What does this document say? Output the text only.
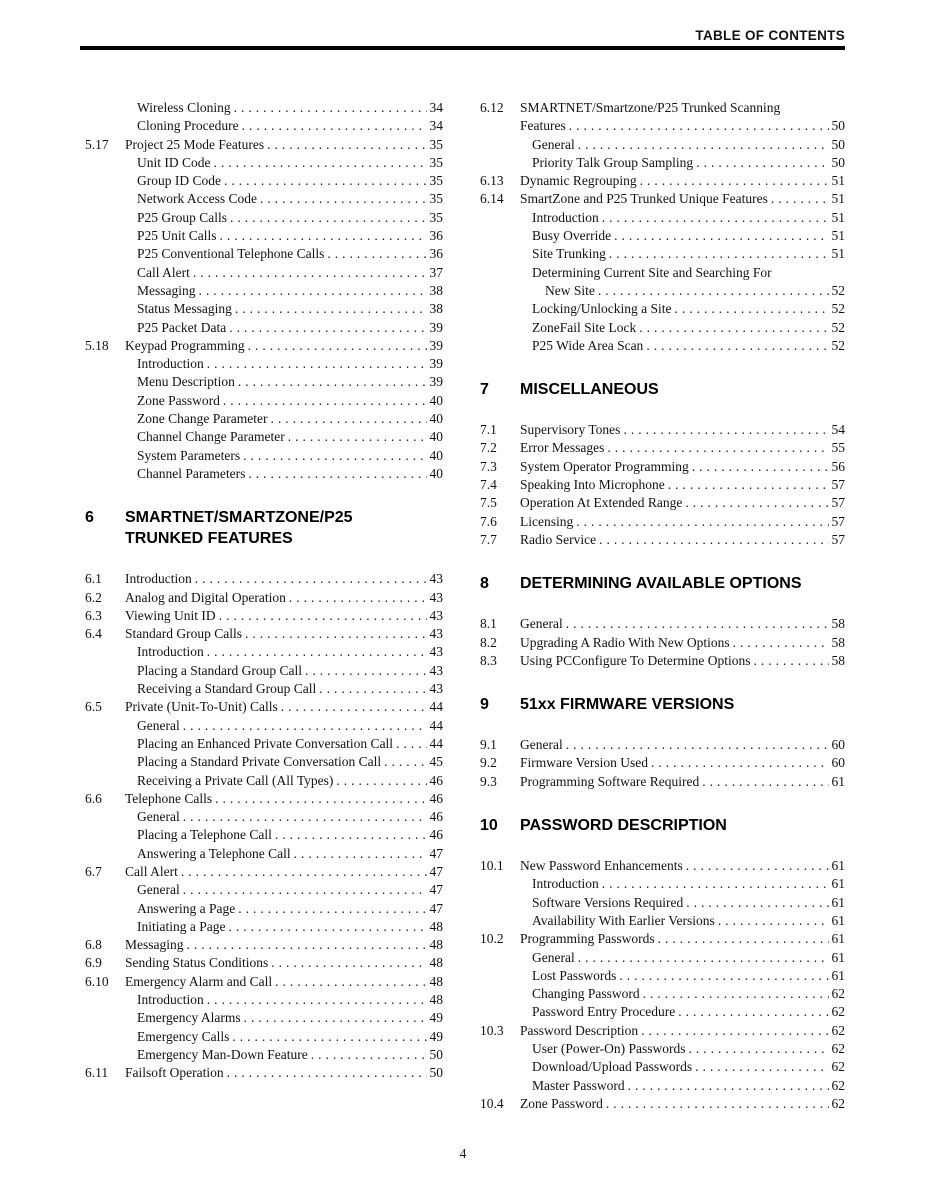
TABLE OF CONTENTS
Wireless Cloning .....	34
Cloning Procedure .....	34
5.17	Project 25 Mode Features .....	35
Unit ID Code .....	35
Group ID Code .....	35
Network Access Code .....	35
P25 Group Calls .....	35
P25 Unit Calls .....	36
P25 Conventional Telephone Calls .....	36
Call Alert .....	37
Messaging .....	38
Status Messaging .....	38
P25 Packet Data .....	39
5.18	Keypad Programming .....	39
Introduction .....	39
Menu Description .....	39
Zone Password .....	40
Zone Change Parameter .....	40
Channel Change Parameter .....	40
System Parameters .....	40
Channel Parameters .....	40
6	SMARTNET/SMARTZONE/P25
TRUNKED FEATURES
6.1	Introduction .....	43
6.2	Analog and Digital Operation .....	43
6.3	Viewing Unit ID .....	43
6.4	Standard Group Calls .....	43
Introduction .....	43
Placing a Standard Group Call .....	43
Receiving a Standard Group Call .....	43
6.5	Private (Unit-To-Unit) Calls .....	44
General .....	44
Placing an Enhanced Private Conversation Call .....	44
Placing a Standard Private Conversation Call .....	45
Receiving a Private Call (All Types) .....	46
6.6	Telephone Calls .....	46
General .....	46
Placing a Telephone Call .....	46
Answering a Telephone Call .....	47
6.7	Call Alert .....	47
General .....	47
Answering a Page .....	47
Initiating a Page .....	48
6.8	Messaging .....	48
6.9	Sending Status Conditions .....	48
6.10	Emergency Alarm and Call .....	48
Introduction .....	48
Emergency Alarms .....	49
Emergency Calls .....	49
Emergency Man-Down Feature .....	50
6.11	Failsoft Operation .....	50
6.12	SMARTNET/Smartzone/P25 Trunked Scanning
Features .....	50
General .....	50
Priority Talk Group Sampling .....	50
6.13	Dynamic Regrouping .....	51
6.14	SmartZone and P25 Trunked Unique Features .....	51
Introduction .....	51
Busy Override .....	51
Site Trunking .....	51
Determining Current Site and Searching For
New Site .....	52
Locking/Unlocking a Site .....	52
ZoneFail Site Lock .....	52
P25 Wide Area Scan .....	52
7	MISCELLANEOUS
7.1	Supervisory Tones .....	54
7.2	Error Messages .....	55
7.3	System Operator Programming .....	56
7.4	Speaking Into Microphone .....	57
7.5	Operation At Extended Range .....	57
7.6	Licensing .....	57
7.7	Radio Service .....	57
8	DETERMINING AVAILABLE OPTIONS
8.1	General .....	58
8.2	Upgrading A Radio With New Options .....	58
8.3	Using PCConfigure To Determine Options .....	58
9	51xx FIRMWARE VERSIONS
9.1	General .....	60
9.2	Firmware Version Used .....	60
9.3	Programming Software Required .....	61
10	PASSWORD DESCRIPTION
10.1	New Password Enhancements .....	61
Introduction .....	61
Software Versions Required .....	61
Availability With Earlier Versions .....	61
10.2	Programming Passwords .....	61
General .....	61
Lost Passwords .....	61
Changing Password .....	62
Password Entry Procedure .....	62
10.3	Password Description .....	62
User (Power-On) Passwords .....	62
Download/Upload Passwords .....	62
Master Password .....	62
10.4	Zone Password .....	62
4
